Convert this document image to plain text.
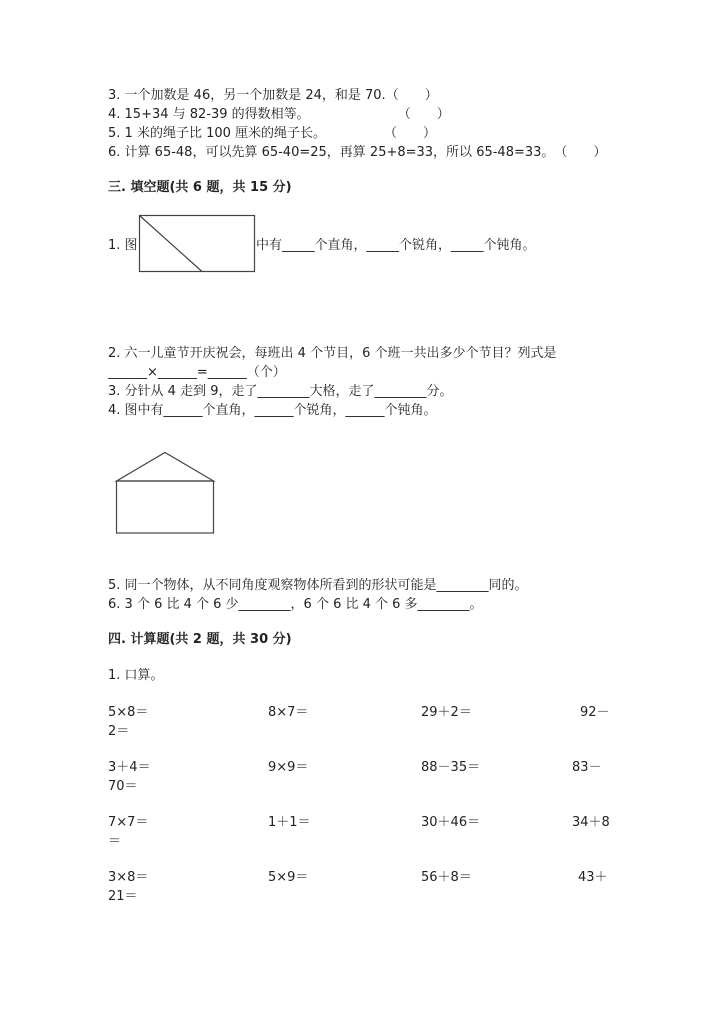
3. 一个加数是 46，另一个加数是 24，和是 70.（　　）
4. 15+34 与 82-39 的得数相等。	（　　）
5. 1 米的绳子比 100 厘米的绳子长。	（　　）
6. 计算 65-48，可以先算 65-40=25，再算 25+8=33，所以 65-48=33。（　　）
三. 填空题(共 6 题，共 15 分)
1. 图	中有_____个直角，_____个锐角，_____个钝角。
2. 六一儿童节开庆祝会，每班出 4 个节目，6 个班一共出多少个节目？列式是
______×______=______（个）
3. 分针从 4 走到 9，走了________大格，走了________分。
4. 图中有______个直角，______个锐角，______个钝角。
5. 同一个物体，从不同角度观察物体所看到的形状可能是________同的。
6. 3 个 6 比 4 个 6 少________，6 个 6 比 4 个 6 多________。
四. 计算题(共 2 题，共 30 分)
1. 口算。
5×8＝	8×7＝	29＋2＝	92－
2＝
3＋4＝	9×9＝	88－35＝	83－
70＝
7×7＝	1＋1＝	30＋46＝	34＋8
＝
3×8＝	5×9＝	56＋8＝	43＋
21＝
